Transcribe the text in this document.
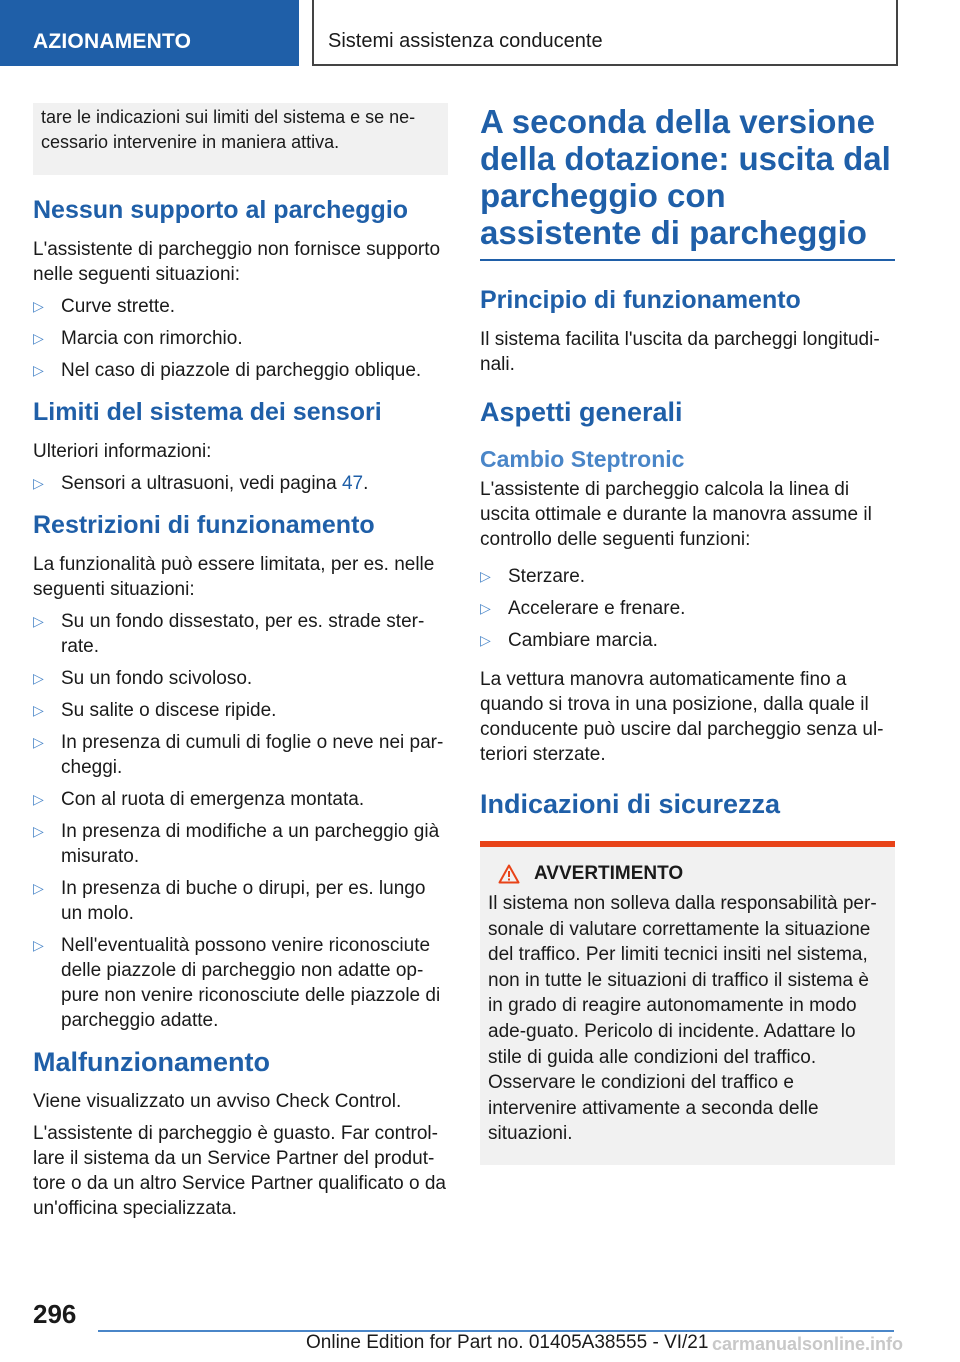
AZIONAMENTO	Sistemi assistenza conducente
tare le indicazioni sui limiti del sistema e se ne-cessario intervenire in maniera attiva.
Nessun supporto al parcheggio

L'assistente di parcheggio non fornisce supporto nelle seguenti situazioni:

▷ Curve strette.
▷ Marcia con rimorchio.
▷ Nel caso di piazzole di parcheggio oblique.
Limiti del sistema dei sensori

Ulteriori informazioni:

▷ Sensori a ultrasuoni, vedi pagina 47.
Restrizioni di funzionamento

La funzionalità può essere limitata, per es. nelle seguenti situazioni:

▷ Su un fondo dissestato, per es. strade ster-rate.
▷ Su un fondo scivoloso.
▷ Su salite o discese ripide.
▷ In presenza di cumuli di foglie o neve nei par-cheggi.
▷ Con al ruota di emergenza montata.
▷ In presenza di modifiche a un parcheggio già misurato.
▷ In presenza di buche o dirupi, per es. lungo un molo.
▷ Nell'eventualità possono venire riconosciute delle piazzole di parcheggio non adatte op-pure non venire riconosciute delle piazzole di parcheggio adatte.
Malfunzionamento

Viene visualizzato un avviso Check Control.

L'assistente di parcheggio è guasto. Far control-lare il sistema da un Service Partner del produt-tore o da un altro Service Partner qualificato o da un'officina specializzata.

A seconda della versione della dotazione: uscita dal parcheggio con assistente di parcheggio
Principio di funzionamento

Il sistema facilita l'uscita da parcheggi longitudi-nali.

Aspetti generali
Cambio Steptronic

L'assistente di parcheggio calcola la linea di uscita ottimale e durante la manovra assume il controllo delle seguenti funzioni:

▷ Sterzare.
▷ Accelerare e frenare.
▷ Cambiare marcia.

La vettura manovra automaticamente fino a quando si trova in una posizione, dalla quale il conducente può uscire dal parcheggio senza ul-teriori sterzate.

Indicazioni di sicurezza
AVVERTIMENTO

Il sistema non solleva dalla responsabilità per-sonale di valutare correttamente la situazione del traffico. Per limiti tecnici insiti nel sistema, non in tutte le situazioni di traffico il sistema è in grado di reagire autonomamente in modo ade-guato. Pericolo di incidente. Adattare lo stile di guida alle condizioni del traffico. Osservare le condizioni del traffico e intervenire attivamente a seconda delle situazioni.

296
Online Edition for Part no. 01405A38555 - VI/21 carmanualsonline.info
